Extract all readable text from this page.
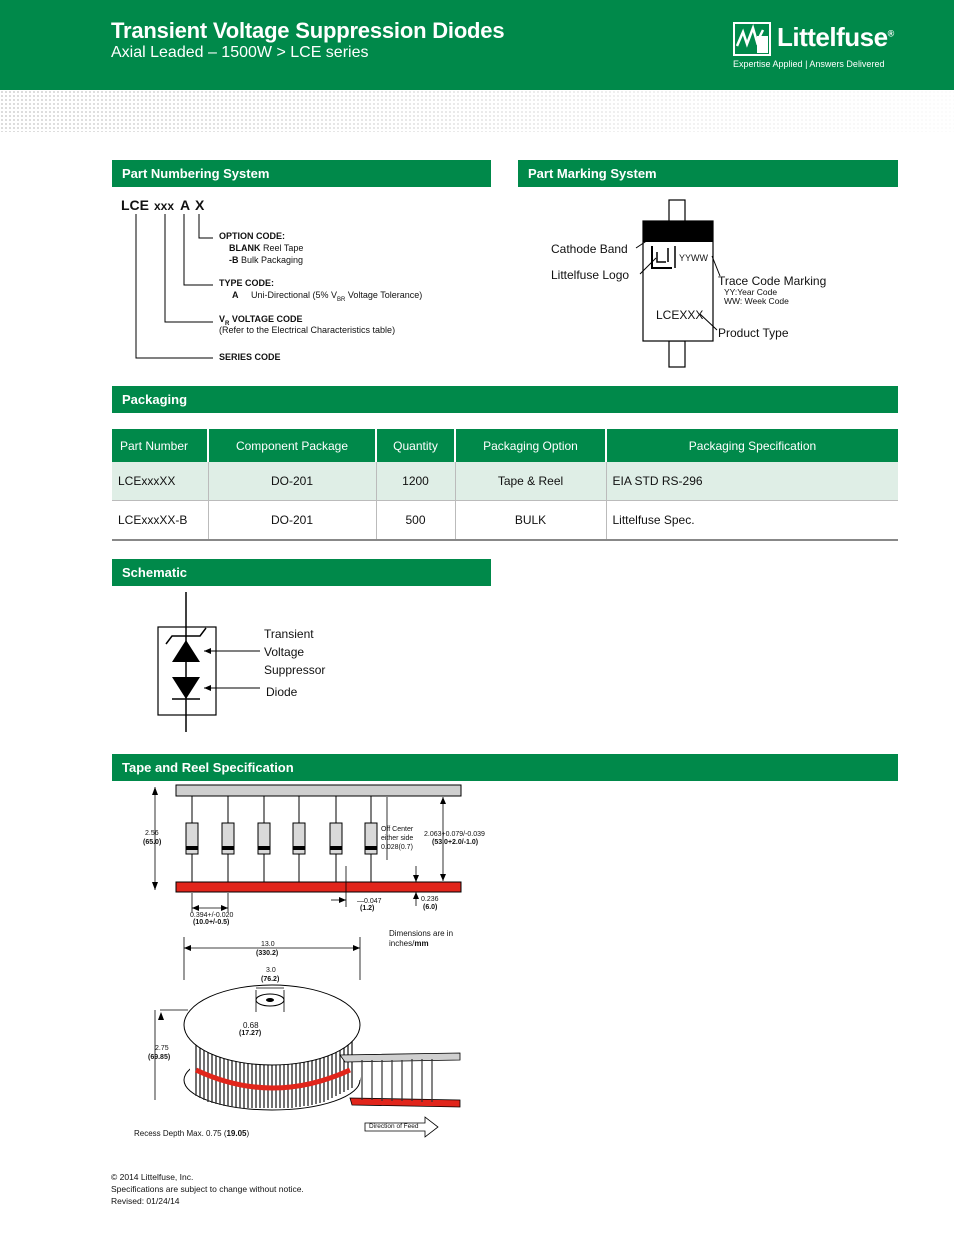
Transient Voltage Suppression Diodes
Axial Leaded – 1500W > LCE series
Littelfuse®
Expertise Applied | Answers Delivered
Part Numbering System
LCE xxx A X
OPTION CODE:
BLANK Reel Tape
-B Bulk Packaging
TYPE CODE:
A Uni-Directional (5% $V_{BR}$ Voltage Tolerance)
$V_R$ VOLTAGE CODE
(Refer to the Electrical Characteristics table)
SERIES CODE
Part Marking System
Cathode Band
Littelfuse Logo
YYWW
Trace Code Marking
YY:Year Code
WW: Week Code
LCEXXX
Product Type
Packaging
Part Number	Component Package	Quantity	Packaging Option	Packaging Specification
LCExxxXX	DO-201	1200	Tape & Reel	EIA STD RS-296
LCExxxXX-B	DO-201	500	BULK	Littelfuse Spec.
Schematic
Transient
Voltage
Suppressor
Diode
Tape and Reel Specification
2.56
(65.0)
Off Center
either side
0.028(0.7)
2.063+0.079/-0.039
(53.0+2.0/-1.0)
0.236
(6.0)
—0.047
(1.2)
0.394+/-0.020
(10.0+/-0.5)
Dimensions are in
inches/mm
13.0
(330.2)
3.0
(76.2)
0.68
(17.27)
2.75
(69.85)
Recess Depth Max. 0.75 (19.05)
Direction of Feed
© 2014 Littelfuse, Inc.
Specifications are subject to change without notice.
Revised: 01/24/14
